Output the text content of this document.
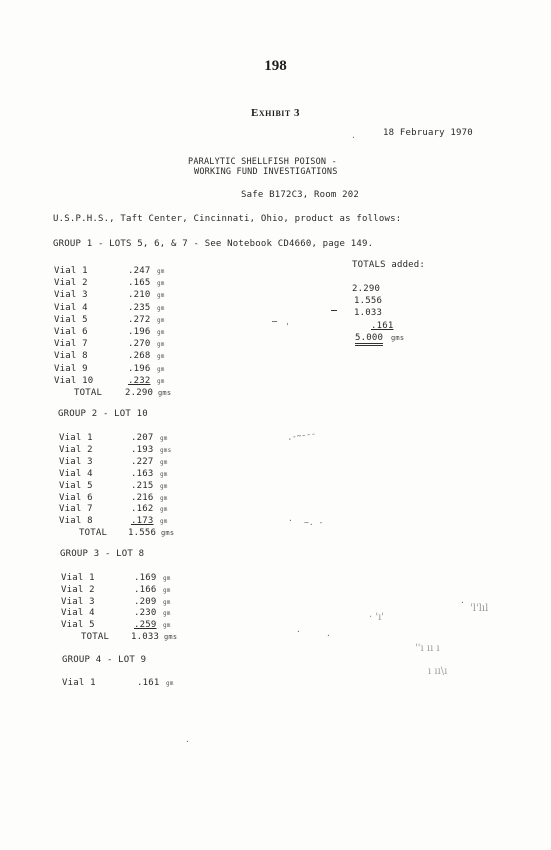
198
Exhibit 3
18 February 1970
PARALYTIC SHELLFISH POISON -
WORKING FUND INVESTIGATIONS
Safe B172C3, Room 202
U.S.P.H.S., Taft Center, Cincinnati, Ohio, product as follows:
GROUP 1 - LOTS 5, 6, & 7 - See Notebook CD4660, page 149.
Vial 1	.247 gm
Vial 2	.165 gm
Vial 3	.210 gm
Vial 4	.235 gm
Vial 5	.272 gm
Vial 6	.196 gm
Vial 7	.270 gm
Vial 8	.268 gm
Vial 9	.196 gm
Vial 10	.232 gm
TOTAL	2.290 gms
TOTALS added:
2.290
1.556
1.033
.161
5.000 gms
GROUP 2 - LOT 10
Vial 1	.207 gm
Vial 2	.193 gms
Vial 3	.227 gm
Vial 4	.163 gm
Vial 5	.215 gm
Vial 6	.216 gm
Vial 7	.162 gm
Vial 8	.173 gm
TOTAL 1.556 gms
GROUP 3 - LOT 8
Vial 1	.169 gm
Vial 2	.166 gm
Vial 3	.209 gm
Vial 4	.230 gm
Vial 5	.259 gm
TOTAL 1.033 gms
GROUP 4 - LOT 9
Vial 1	.161 gm
.-~---
~. -
'
·
·
·
·	·
·
· 'ı'
'l'lıl
''ı ıı ı
ı ıı\ı
